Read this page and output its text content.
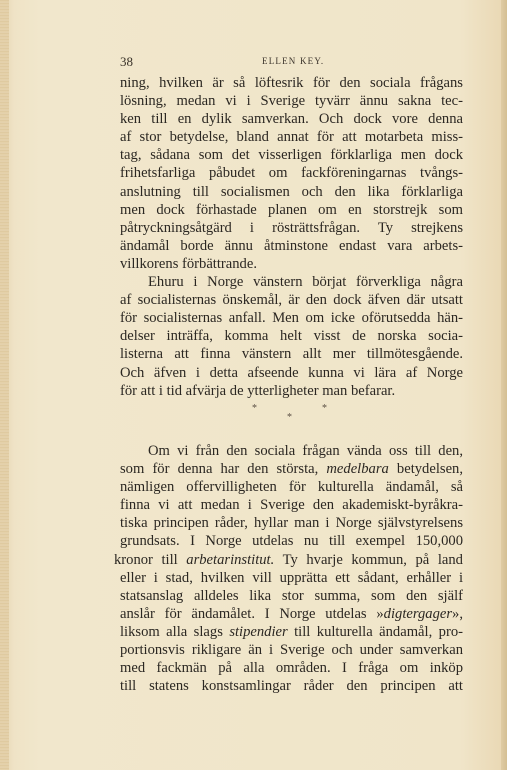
38	ELLEN KEY.
ning, hvilken är så löftesrik för den sociala frågans
lösning, medan vi i Sverige tyvärr ännu sakna tec-
ken till en dylik samverkan. Och dock vore denna
af stor betydelse, bland annat för att motarbeta miss-
tag, sådana som det visserligen förklarliga men dock
frihetsfarliga påbudet om fackföreningarnas tvångs-
anslutning till socialismen och den lika förklarliga
men dock förhastade planen om en storstrejk som
påtryckningsåtgärd i rösträttsfrågan. Ty strejkens
ändamål borde ännu åtminstone endast vara arbets-
villkorens förbättrande.
Ehuru i Norge vänstern börjat förverkliga några
af socialisternas önskemål, är den dock äfven där utsatt
för socialisternas anfall. Men om icke oförutsedda hän-
delser inträffa, komma helt visst de norska socia-
listerna att finna vänstern allt mer tillmötesgående.
Och äfven i detta afseende kunna vi lära af Norge
för att i tid afvärja de ytterligheter man befarar.
*	*
*
Om vi från den sociala frågan vända oss till den,
som för denna har den största, medelbara betydelsen,
nämligen offervilligheten för kulturella ändamål, så
finna vi att medan i Sverige den akademiskt-byråkra-
tiska principen råder, hyllar man i Norge självstyrelsens
grundsats. I Norge utdelas nu till exempel 150,000
kronor till arbetarinstitut. Ty hvarje kommun, på land
eller i stad, hvilken vill upprätta ett sådant, erhåller i
statsanslag alldeles lika stor summa, som den själf
anslår för ändamålet. I Norge utdelas »digtergager»,
liksom alla slags stipendier till kulturella ändamål, pro-
portionsvis rikligare än i Sverige och under samverkan
med fackmän på alla områden. I fråga om inköp
till statens konstsamlingar råder den principen att
